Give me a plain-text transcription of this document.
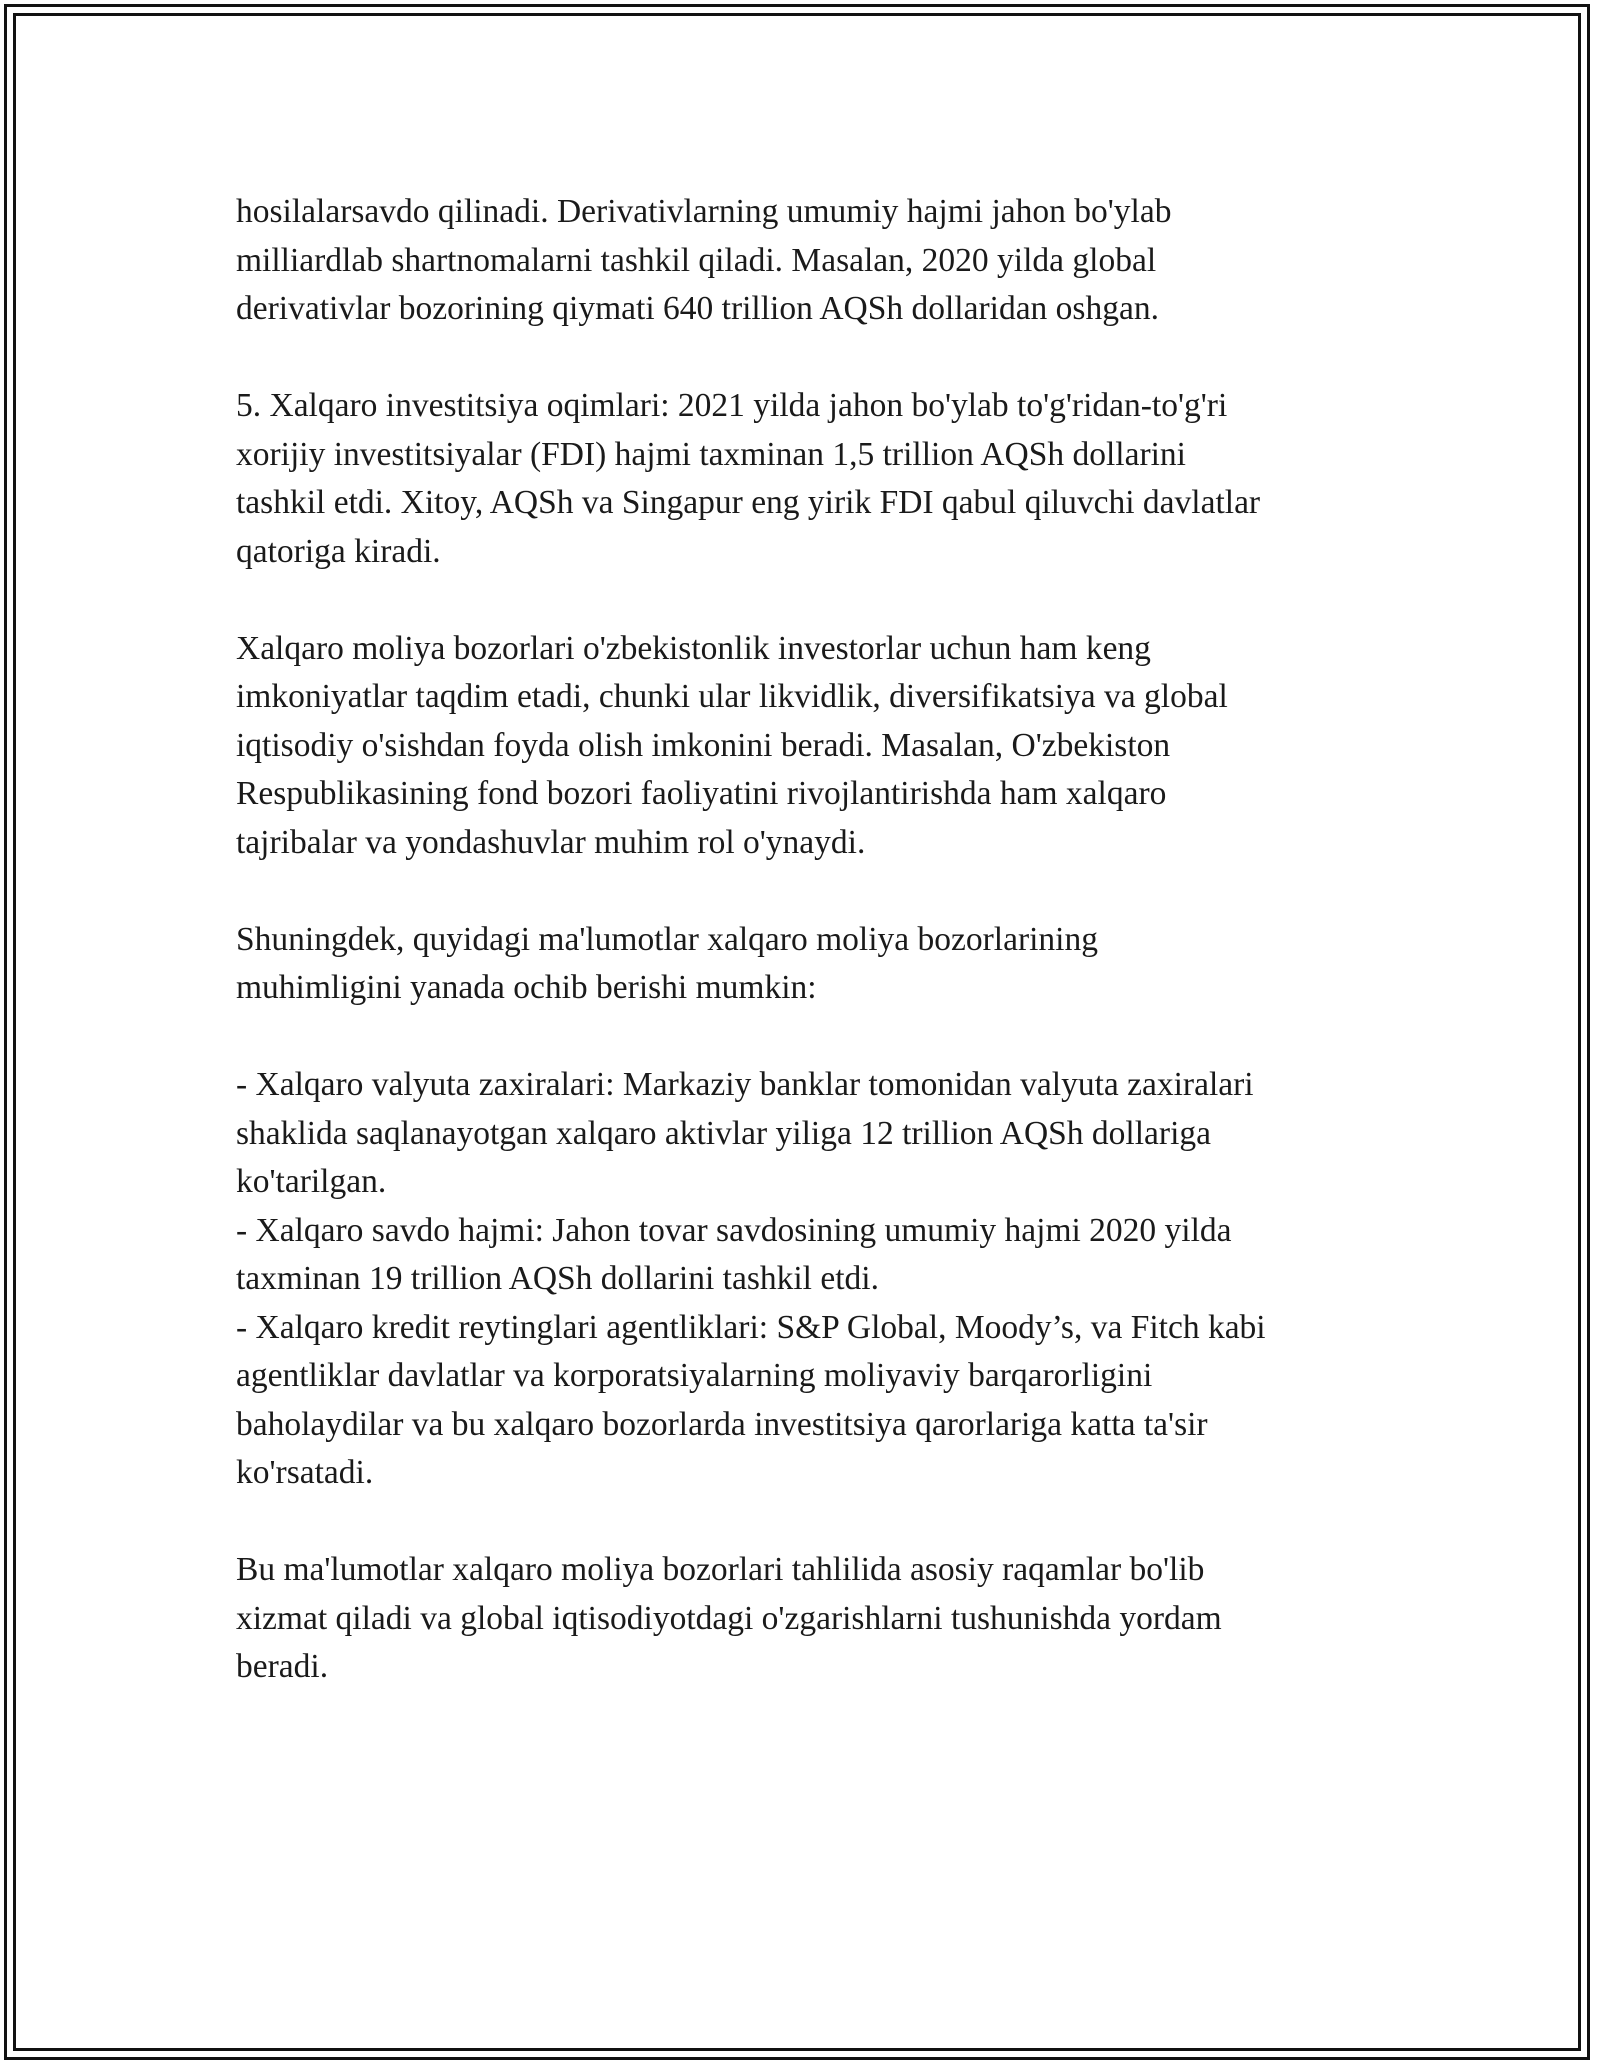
hosilalarsavdo qilinadi. Derivativlarning umumiy hajmi jahon bo'ylab
milliardlab shartnomalarni tashkil qiladi. Masalan, 2020 yilda global
derivativlar bozorining qiymati 640 trillion AQSh dollaridan oshgan.

5. Xalqaro investitsiya oqimlari: 2021 yilda jahon bo'ylab to'g'ridan-to'g'ri
xorijiy investitsiyalar (FDI) hajmi taxminan 1,5 trillion AQSh dollarini
tashkil etdi. Xitoy, AQSh va Singapur eng yirik FDI qabul qiluvchi davlatlar
qatoriga kiradi.

Xalqaro moliya bozorlari o'zbekistonlik investorlar uchun ham keng
imkoniyatlar taqdim etadi, chunki ular likvidlik, diversifikatsiya va global
iqtisodiy o'sishdan foyda olish imkonini beradi. Masalan, O'zbekiston
Respublikasining fond bozori faoliyatini rivojlantirishda ham xalqaro
tajribalar va yondashuvlar muhim rol o'ynaydi.

Shuningdek, quyidagi ma'lumotlar xalqaro moliya bozorlarining
muhimligini yanada ochib berishi mumkin:

- Xalqaro valyuta zaxiralari: Markaziy banklar tomonidan valyuta zaxiralari
shaklida saqlanayotgan xalqaro aktivlar yiliga 12 trillion AQSh dollariga
ko'tarilgan.

- Xalqaro savdo hajmi: Jahon tovar savdosining umumiy hajmi 2020 yilda
taxminan 19 trillion AQSh dollarini tashkil etdi.

- Xalqaro kredit reytinglari agentliklari: S&P Global, Moody’s, va Fitch kabi
agentliklar davlatlar va korporatsiyalarning moliyaviy barqarorligini
baholaydilar va bu xalqaro bozorlarda investitsiya qarorlariga katta ta'sir
ko'rsatadi.

Bu ma'lumotlar xalqaro moliya bozorlari tahlilida asosiy raqamlar bo'lib
xizmat qiladi va global iqtisodiyotdagi o'zgarishlarni tushunishda yordam
beradi.
